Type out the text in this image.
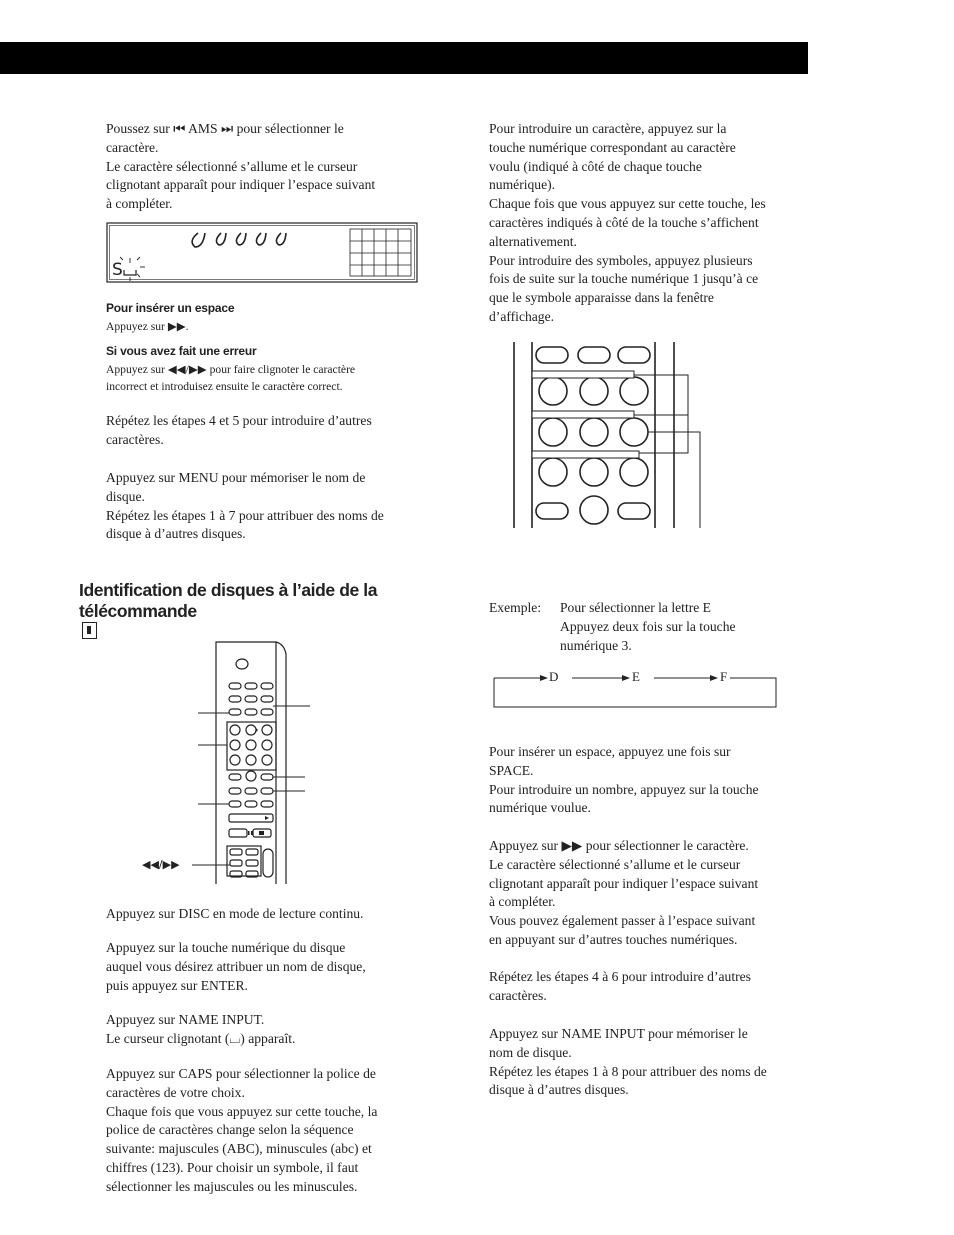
Poussez sur ⏮ AMS ⏭ pour sélectionner le
caractère.
Le caractère sélectionné s’allume et le curseur
clignotant apparaît pour indiquer l’espace suivant
à compléter.
S
Pour insérer un espace
Appuyez sur ▶▶.
Si vous avez fait une erreur
Appuyez sur ◀◀/▶▶ pour faire clignoter le caractère
incorrect et introduisez ensuite le caractère correct.
Répétez les étapes 4 et 5 pour introduire d’autres
caractères.
Appuyez sur MENU pour mémoriser le nom de
disque.
Répétez les étapes 1 à 7 pour attribuer des noms de
disque à d’autres disques.
Identification de disques à l’aide de la
télécommande
◀◀/▶▶
Appuyez sur DISC en mode de lecture continu.
Appuyez sur la touche numérique du disque
auquel vous désirez attribuer un nom de disque,
puis appuyez sur ENTER.
Appuyez sur NAME INPUT.
Le curseur clignotant (⌴) apparaît.
Appuyez sur CAPS pour sélectionner la police de
caractères de votre choix.
Chaque fois que vous appuyez sur cette touche, la
police de caractères change selon la séquence
suivante: majuscules (ABC), minuscules (abc) et
chiffres (123). Pour choisir un symbole, il faut
sélectionner les majuscules ou les minuscules.
Pour introduire un caractère, appuyez sur la
touche numérique correspondant au caractère
voulu (indiqué à côté de chaque touche
numérique).
Chaque fois que vous appuyez sur cette touche, les
caractères indiqués à côté de la touche s’affichent
alternativement.
Pour introduire des symboles, appuyez plusieurs
fois de suite sur la touche numérique 1 jusqu’à ce
que le symbole apparaisse dans la fenêtre
d’affichage.
Exemple: Pour sélectionner la lettre E
Appuyez deux fois sur la touche
numérique 3.
D	E	F
Pour insérer un espace, appuyez une fois sur
SPACE.
Pour introduire un nombre, appuyez sur la touche
numérique voulue.
Appuyez sur ▶▶ pour sélectionner le caractère.
Le caractère sélectionné s’allume et le curseur
clignotant apparaît pour indiquer l’espace suivant
à compléter.
Vous pouvez également passer à l’espace suivant
en appuyant sur d’autres touches numériques.
Répétez les étapes 4 à 6 pour introduire d’autres
caractères.
Appuyez sur NAME INPUT pour mémoriser le
nom de disque.
Répétez les étapes 1 à 8 pour attribuer des noms de
disque à d’autres disques.
